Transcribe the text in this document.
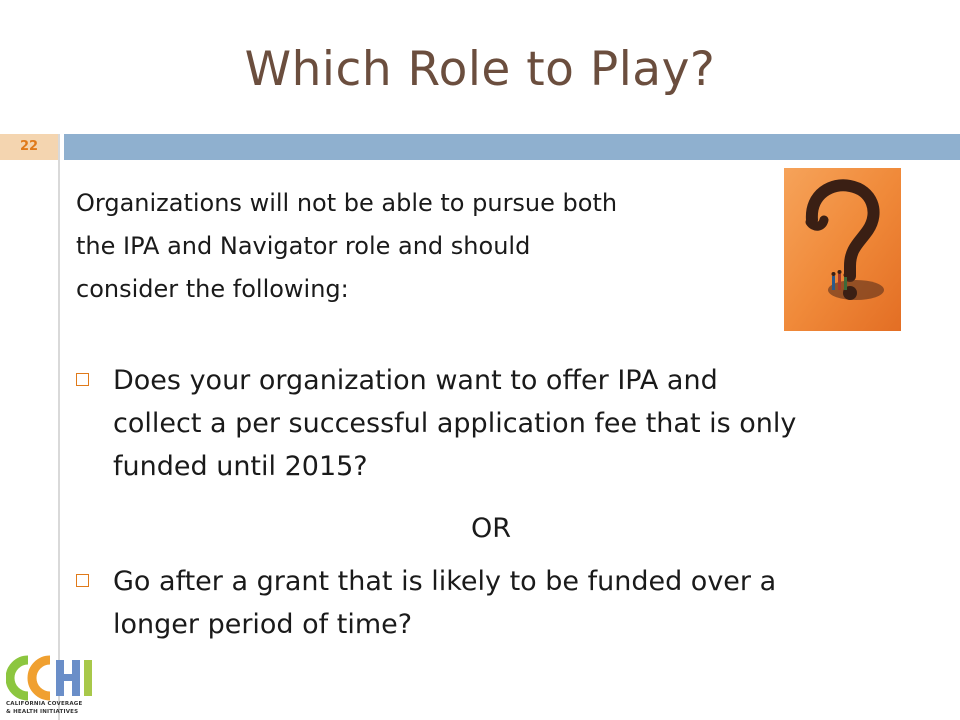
Which Role to Play?
22
Organizations will not be able to pursue both
the IPA and Navigator role and should
consider the following:
Does your organization want to offer IPA and
collect a per successful application fee that is only
funded until 2015?
OR
Go after a grant that is likely to be funded over a
longer period of time?
CALIFORNIA COVERAGE
& HEALTH INITIATIVES
